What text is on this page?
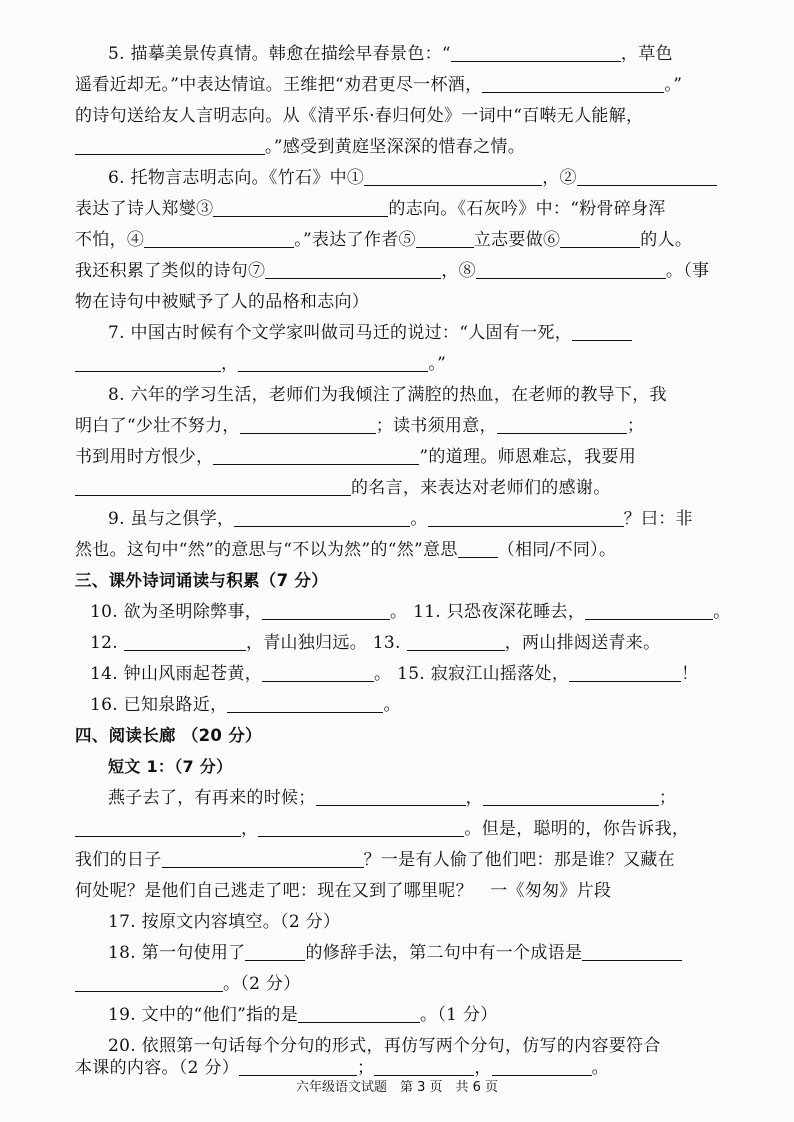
5. 描摹美景传真情。韩愈在描绘早春景色：“	，草色
遥看近却无。”中表达情谊。王维把“劝君更尽一杯酒，	。”
的诗句送给友人言明志向。从《清平乐·春归何处》一词中“百啭无人能解，
。”感受到黄庭坚深深的惜春之情。
6. 托物言志明志向。《竹石》中①	，②
表达了诗人郑燮③	的志向。《石灰吟》中：“粉骨碎身浑
不怕，④	。”表达了作者⑤	立志要做⑥	的人。
我还积累了类似的诗句⑦	，⑧	。（事
物在诗句中被赋予了人的品格和志向）
7. 中国古时候有个文学家叫做司马迁的说过：“人固有一死，
，	。”
8. 六年的学习生活，老师们为我倾注了满腔的热血，在老师的教导下，我
明白了“少壮不努力，	；读书须用意，	；
书到用时方恨少，	”的道理。师恩难忘，我要用
的名言，来表达对老师们的感谢。
9. 虽与之俱学，	。	？曰：非
然也。这句中“然”的意思与“不以为然”的“然”意思 （相同/不同）。
三、课外诗词诵读与积累（7 分）
10. 欲为圣明除弊事，	。 11. 只恐夜深花睡去，	。
12.	，青山独归远。 13.	，两山排闼送青来。
14. 钟山风雨起苍黄，	。 15. 寂寂江山摇落处，	！
16. 已知泉路近，	。
四、阅读长廊 （20 分）
短文 1：（7 分）
燕子去了，有再来的时候；	，	；
，	。但是，聪明的，你告诉我，
我们的日子	？一是有人偷了他们吧：那是谁？又藏在
何处呢？是他们自己逃走了吧：现在又到了哪里呢？　一《匆匆》片段
17. 按原文内容填空。（2 分）
18. 第一句使用了	的修辞手法，第二句中有一个成语是
。（2 分）
19. 文中的“他们”指的是	。（1 分）
20. 依照第一句话每个分句的形式，再仿写两个分句，仿写的内容要符合
本课的内容。（2 分）	；	，	。
六年级语文试题　第 3 页　共 6 页
